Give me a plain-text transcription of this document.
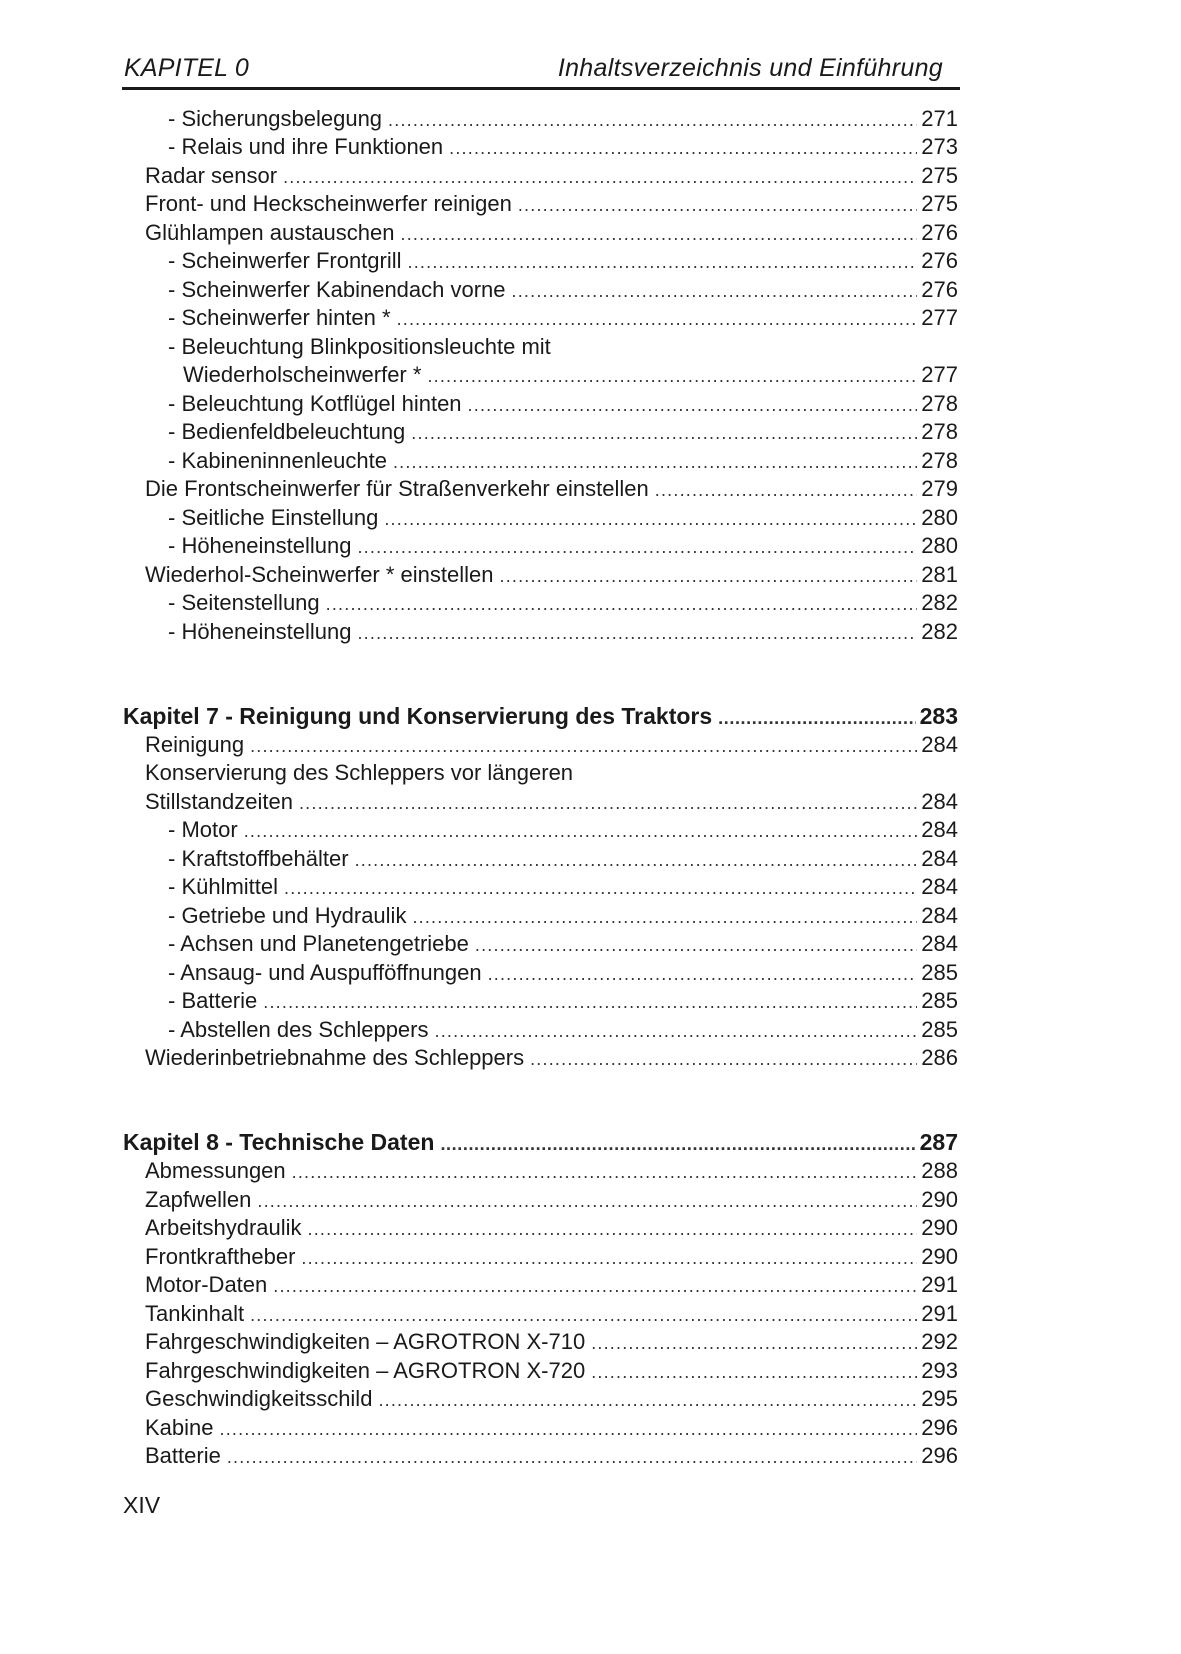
KAPITEL 0	Inhaltsverzeichnis und Einführung
- Sicherungsbelegung .....	271
- Relais und ihre Funktionen .....	273
Radar sensor .....	275
Front- und Heckscheinwerfer reinigen .....	275
Glühlampen austauschen .....	276
- Scheinwerfer Frontgrill .....	276
- Scheinwerfer Kabinendach vorne .....	276
- Scheinwerfer hinten * .....	277
- Beleuchtung Blinkpositionsleuchte mit
Wiederholscheinwerfer * .....	277
- Beleuchtung Kotflügel hinten .....	278
- Bedienfeldbeleuchtung .....	278
- Kabineninnenleuchte .....	278
Die Frontscheinwerfer für Straßenverkehr einstellen .....	279
- Seitliche Einstellung .....	280
- Höheneinstellung .....	280
Wiederhol-Scheinwerfer * einstellen .....	281
- Seitenstellung .....	282
- Höheneinstellung .....	282
Kapitel 7 - Reinigung und Konservierung des Traktors .....	283
Reinigung .....	284
Konservierung des Schleppers vor längeren
Stillstandzeiten .....	284
- Motor .....	284
- Kraftstoffbehälter .....	284
- Kühlmittel .....	284
- Getriebe und Hydraulik .....	284
- Achsen und Planetengetriebe .....	284
- Ansaug- und Auspufföffnungen .....	285
- Batterie .....	285
- Abstellen des Schleppers .....	285
Wiederinbetriebnahme des Schleppers .....	286
Kapitel 8 - Technische Daten .....	287
Abmessungen .....	288
Zapfwellen .....	290
Arbeitshydraulik .....	290
Frontkraftheber .....	290
Motor-Daten .....	291
Tankinhalt .....	291
Fahrgeschwindigkeiten – AGROTRON X-710 .....	292
Fahrgeschwindigkeiten – AGROTRON X-720 .....	293
Geschwindigkeitsschild .....	295
Kabine .....	296
Batterie .....	296
XIV
